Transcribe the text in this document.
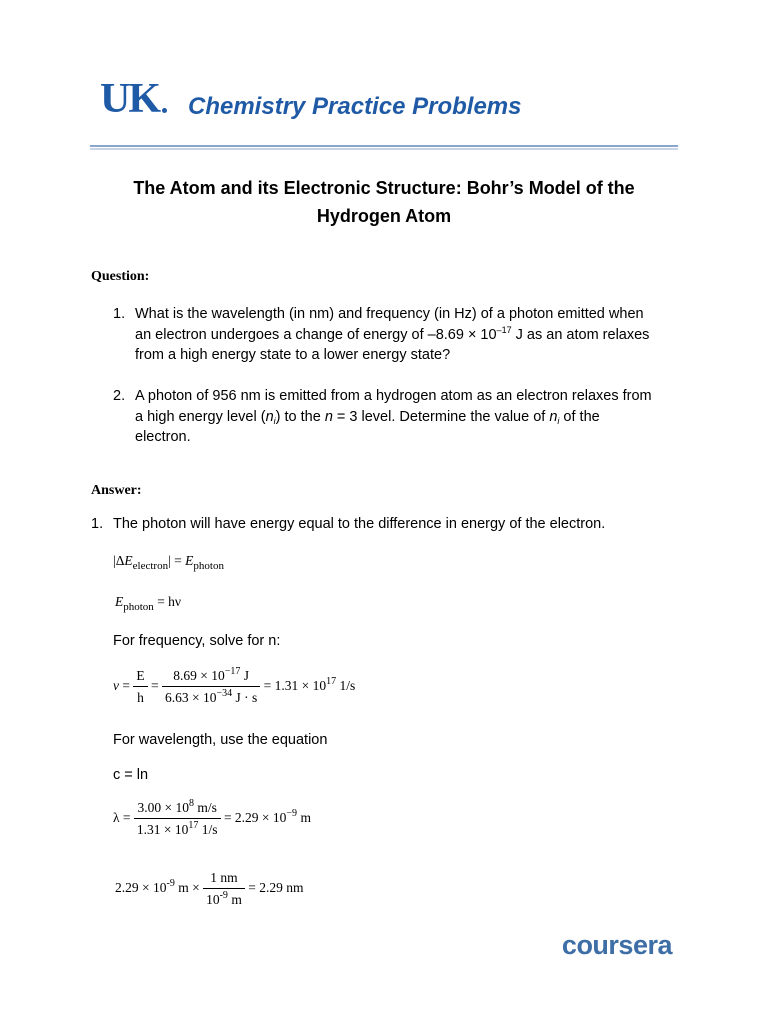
UK Chemistry Practice Problems
The Atom and its Electronic Structure: Bohr’s Model of the
Hydrogen Atom
Question:
1. What is the wavelength (in nm) and frequency (in Hz) of a photon emitted when
an electron undergoes a change of energy of $-8.69 \times 10^{-17}$ J as an atom relaxes
from a high energy state to a lower energy state?
2. A photon of 956 nm is emitted from a hydrogen atom as an electron relaxes from
a high energy level $(n_i)$ to the n = 3 level. Determine the value of $n_i$ of the
electron.
Answer:
1. The photon will have energy equal to the difference in energy of the electron.
$|\Delta E_{electron}| = E_{photon}$
$E_{photon} = h\nu$
For frequency, solve for n:
$\nu = \frac{E}{h} = \frac{8.69 \times 10^{-17} J}{6.63 \times 10^{-34} J \cdot s} = 1.31 \times 10^{17}$ 1/s
For wavelength, use the equation
c = ln
$\lambda = \frac{3.00 \times 10^8 m/s}{1.31 \times 10^{17} 1/s} = 2.29 \times 10^{-9}$ m
$2.29 \times 10^{-9}$ $m \times \frac{1 nm}{10^{-9} m} = 2.29$ nm
coursera
